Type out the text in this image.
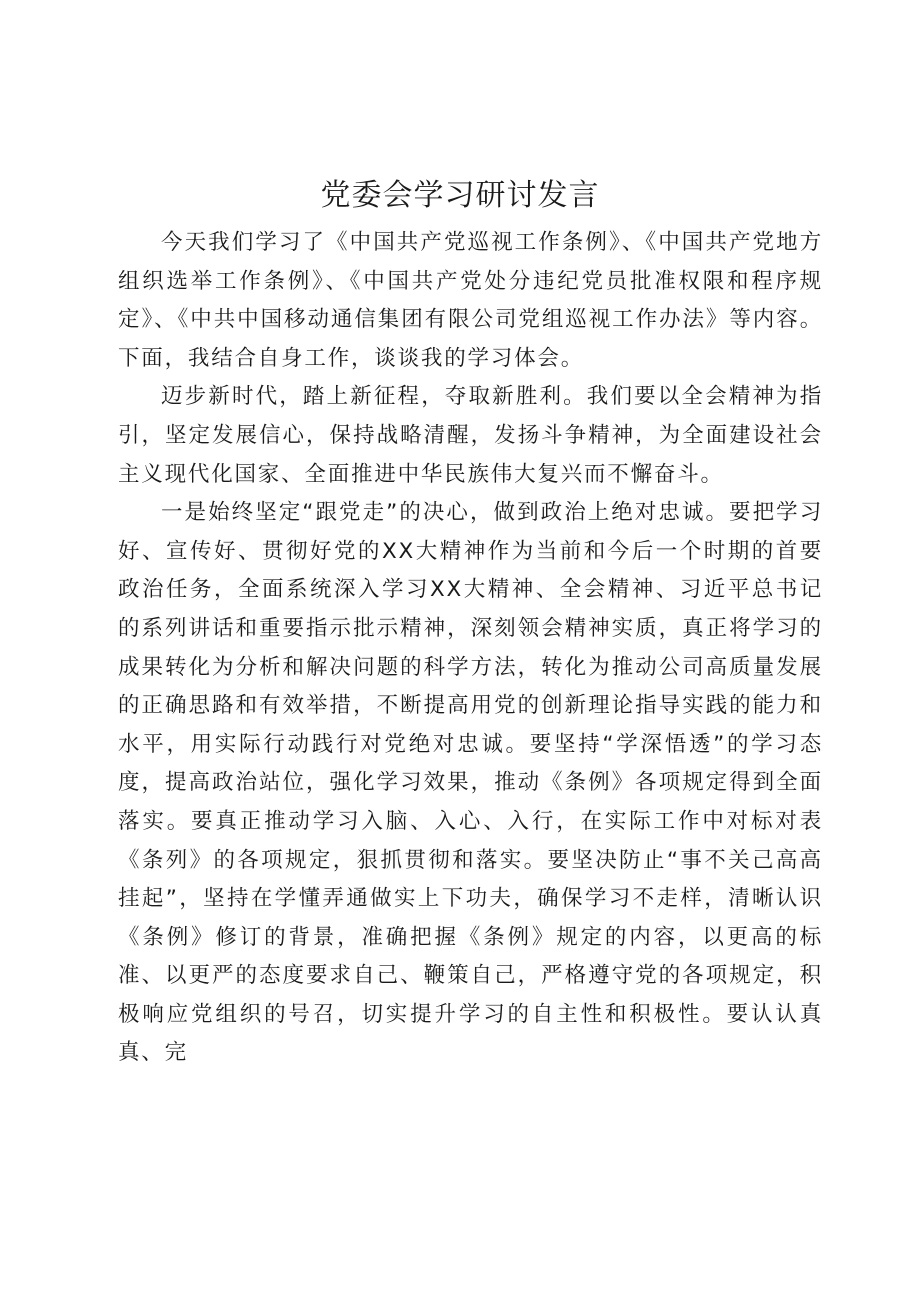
党委会学习研讨发言

今天我们学习了《中国共产党巡视工作条例》、《中国共产党地方组织选举工作条例》、《中国共产党处分违纪党员批准权限和程序规定》、《中共中国移动通信集团有限公司党组巡视工作办法》等内容。下面，我结合自身工作，谈谈我的学习体会。

迈步新时代，踏上新征程，夺取新胜利。我们要以全会精神为指引，坚定发展信心，保持战略清醒，发扬斗争精神，为全面建设社会主义现代化国家、全面推进中华民族伟大复兴而不懈奋斗。

一是始终坚定“跟党走”的决心，做到政治上绝对忠诚。要把学习好、宣传好、贯彻好党的XX大精神作为当前和今后一个时期的首要政治任务，全面系统深入学习XX大精神、全会精神、习近平总书记的系列讲话和重要指示批示精神，深刻领会精神实质，真正将学习的成果转化为分析和解决问题的科学方法，转化为推动公司高质量发展的正确思路和有效举措，不断提高用党的创新理论指导实践的能力和水平，用实际行动践行对党绝对忠诚。要坚持“学深悟透”的学习态度，提高政治站位，强化学习效果，推动《条例》各项规定得到全面落实。要真正推动学习入脑、入心、入行，在实际工作中对标对表《条列》的各项规定，狠抓贯彻和落实。要坚决防止“事不关己高高挂起”，坚持在学懂弄通做实上下功夫，确保学习不走样，清晰认识《条例》修订的背景，准确把握《条例》规定的内容，以更高的标准、以更严的态度要求自己、鞭策自己，严格遵守党的各项规定，积极响应党组织的号召，切实提升学习的自主性和积极性。要认认真真、完
